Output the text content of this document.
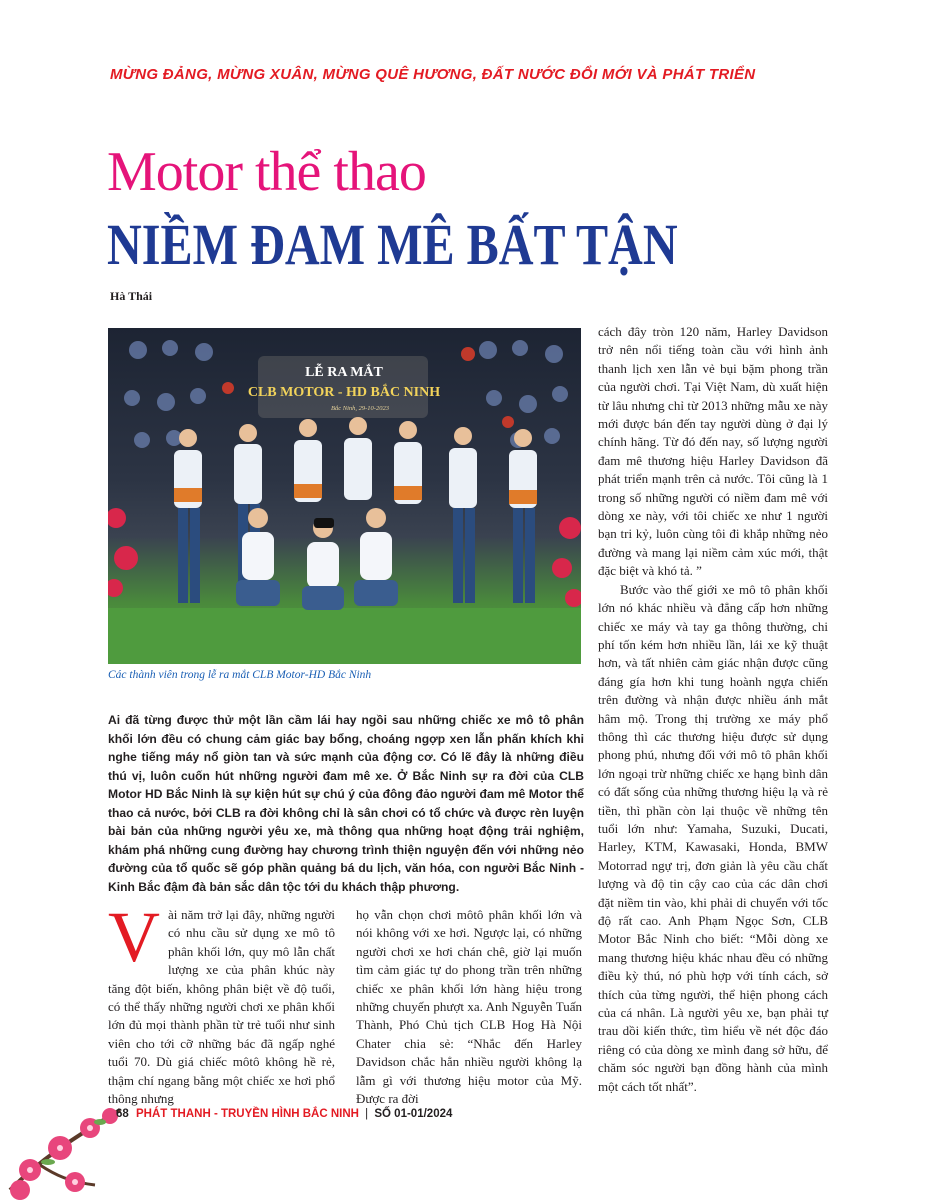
MỪNG ĐẢNG, MỪNG XUÂN, MỪNG QUÊ HƯƠNG, ĐẤT NƯỚC ĐỔI MỚI VÀ PHÁT TRIỂN
Motor thể thao
NIỀM ĐAM MÊ BẤT TẬN
Hà Thái
LỄ RA MẮT
CLB MOTOR - HD BẮC NINH
Bắc Ninh, 29-10-2023
Các thành viên trong lễ ra mắt CLB Motor-HD Bắc Ninh
Ai đã từng được thử một lần cầm lái hay ngồi sau những chiếc xe mô tô phân khối lớn đều có chung cảm giác bay bổng, choáng ngợp xen lẫn phấn khích khi nghe tiếng máy nổ giòn tan và sức mạnh của động cơ. Có lẽ đây là những điều thú vị, luôn cuốn hút những người đam mê xe. Ở Bắc Ninh sự ra đời của CLB Motor HD Bắc Ninh là sự kiện hút sự chú ý của đông đảo người đam mê Motor thể thao cả nước, bởi CLB ra đời không chỉ là sân chơi có tổ chức và được rèn luyện bài bản của những người yêu xe, mà thông qua những hoạt động trải nghiệm, khám phá những cung đường hay chương trình thiện nguyện đến với những nẻo đường của tổ quốc sẽ góp phần quảng bá du lịch, văn hóa, con người Bắc Ninh - Kinh Bắc đậm đà bản sắc dân tộc tới du khách thập phương.
Vài năm trở lại đây, những người có nhu cầu sử dụng xe mô tô phân khối lớn, quy mô lẫn chất lượng xe của phân khúc này tăng đột biến, không phân biệt về độ tuổi, có thể thấy những người chơi xe phân khối lớn đủ mọi thành phần từ trẻ tuổi như sinh viên cho tới cỡ những bác đã ngấp nghé tuổi 70. Dù giá chiếc môtô không hề rẻ, thậm chí ngang bằng một chiếc xe hơi phổ thông nhưng

họ vẫn chọn chơi môtô phân khối lớn và nói không với xe hơi. Ngược lại, có những người chơi xe hơi chán chê, giờ lại muốn tìm cảm giác tự do phong trần trên những chiếc xe phân khối lớn hàng hiệu trong những chuyến phượt xa. Anh Nguyễn Tuấn Thành, Phó Chủ tịch CLB Hog Hà Nội Chater chia sẻ: “Nhắc đến Harley Davidson chắc hẳn nhiều người không lạ lẫm gì với thương hiệu motor của Mỹ. Được ra đời

cách đây tròn 120 năm, Harley Davidson trở nên nổi tiếng toàn cầu với hình ảnh thanh lịch xen lẫn vẻ bụi bặm phong trần của người chơi. Tại Việt Nam, dù xuất hiện từ lâu nhưng chỉ từ 2013 những mẫu xe này mới được bán đến tay người dùng ở đại lý chính hãng. Từ đó đến nay, số lượng người đam mê thương hiệu Harley Davidson đã phát triển mạnh trên cả nước. Tôi cũng là 1 trong số những người có niềm đam mê với dòng xe này, với tôi chiếc xe như 1 người bạn tri kỷ, luôn cùng tôi đi khắp những nẻo đường và mang lại niềm cảm xúc mới, thật đặc biệt và khó tả. ”

Bước vào thế giới xe mô tô phân khối lớn nó khác nhiều và đẳng cấp hơn những chiếc xe máy và tay ga thông thường, chi phí tốn kém hơn nhiều lần, lái xe kỹ thuật hơn, và tất nhiên cảm giác nhận được cũng đáng gía hơn khi tung hoành ngựa chiến trên đường và nhận được nhiều ánh mắt hâm mộ. Trong thị trường xe máy phổ thông thì các thương hiệu được sử dụng phong phú, nhưng đối với mô tô phân khối lớn ngoại trừ những chiếc xe hạng bình dân có đất sống của những thương hiệu lạ và rẻ tiền, thì phần còn lại thuộc về những tên tuổi lớn như: Yamaha, Suzuki, Ducati, Harley, KTM, Kawasaki, Honda, BMW Motorrad ngự trị, đơn giản là yêu cầu chất lượng và độ tin cậy cao của các dân chơi đặt niềm tin vào, khi phải di chuyển với tốc độ rất cao. Anh Phạm Ngọc Sơn, CLB Motor Bắc Ninh cho biết: “Mỗi dòng xe mang thương hiệu khác nhau đều có những điều kỳ thú, nó phù hợp với tính cách, sở thích của từng người, thể hiện phong cách của cá nhân. Là người yêu xe, bạn phải tự trau dồi kiến thức, tìm hiểu về nét độc đáo riêng có của dòng xe mình đang sở hữu, để chăm sóc người bạn đồng hành của mình một cách tốt nhất”.

68 PHÁT THANH - TRUYỀN HÌNH BẮC NINH | SỐ 01-01/2024
